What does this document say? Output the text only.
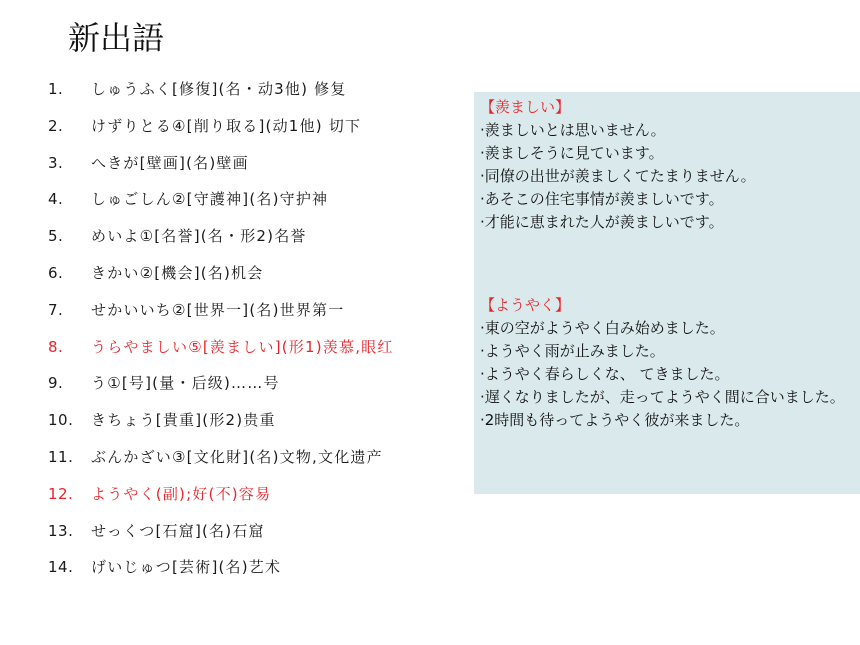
新出語
1.	しゅうふく[修復](名・动3他) 修复
2.	けずりとる④[削り取る](动1他) 切下
3.	へきが[壁画](名)壁画
4.	しゅごしん②[守護神](名)守护神
5.	めいよ①[名誉](名・形2)名誉
6.	きかい②[機会](名)机会
7.	せかいいち②[世界一](名)世界第一
8.	うらやましい⑤[羨ましい](形1)羡慕,眼红
9.	う①[号](量・后级)……号
10.	きちょう[貴重](形2)贵重
11.	ぶんかざい③[文化財](名)文物,文化遗产
12.	ようやく(副);好(不)容易
13.	せっくつ[石窟](名)石窟
14.	げいじゅつ[芸術](名)艺术
【羨ましい】
·羨ましいとは思いません。
·羨ましそうに見ています。
·同僚の出世が羨ましくてたまりません。
·あそこの住宅事情が羨ましいです。
·才能に恵まれた人が羨ましいです。
【ようやく】
·東の空がようやく白み始めました。
·ようやく雨が止みました。
·ようやく春らしくな、 てきました。
·遅くなりましたが、走ってようやく間に合いました。
·2時間も待ってようやく彼が来ました。
